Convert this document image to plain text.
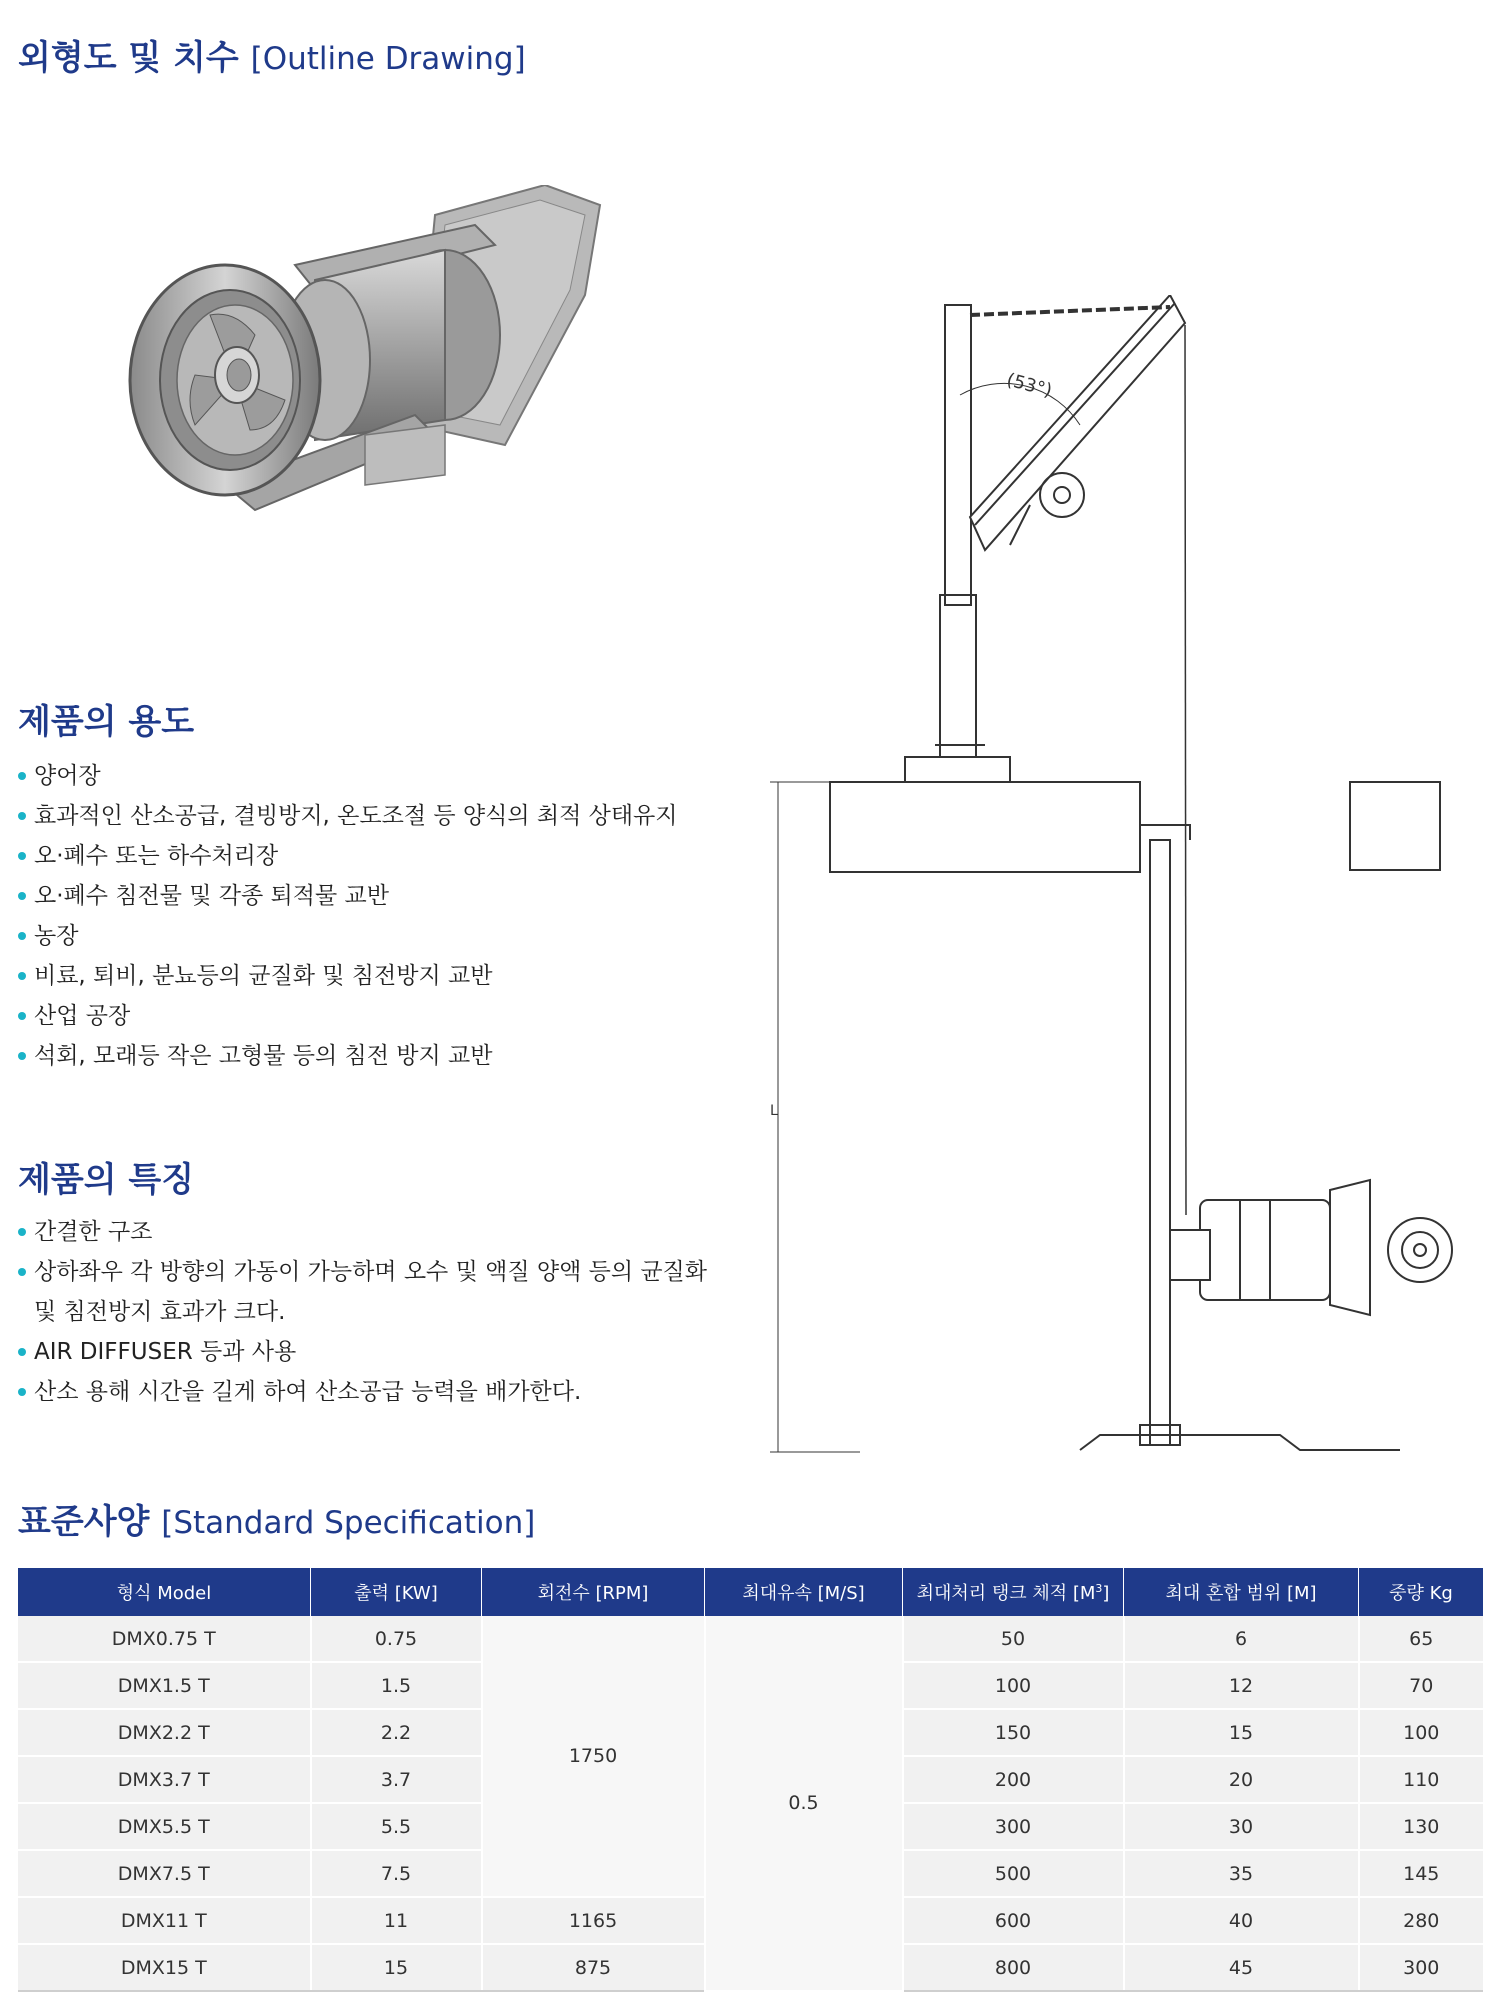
외형도 및 치수 [Outline Drawing]
(53°)
L
제품의 용도
양어장
효과적인 산소공급, 결빙방지, 온도조절 등 양식의 최적 상태유지
오·폐수 또는 하수처리장
오·폐수 침전물 및 각종 퇴적물 교반
농장
비료, 퇴비, 분뇨등의 균질화 및 침전방지 교반
산업 공장
석회, 모래등 작은 고형물 등의 침전 방지 교반
제품의 특징
간결한 구조
상하좌우 각 방향의 가동이 가능하며 오수 및 액질 양액 등의 균질화 및 침전방지 효과가 크다.
AIR DIFFUSER 등과 사용
산소 용해 시간을 길게 하여 산소공급 능력을 배가한다.
표준사양 [Standard Specification]
형식 Model	출력 [KW]	회전수 [RPM]	최대유속 [M/S]	최대처리 탱크 체적 $[M^3]$	최대 혼합 범위 [M]	중량 Kg
DMX0.75 T	0.75	1750	0.5	50	6	65
DMX1.5 T	1.5			100	12	70
DMX2.2 T	2.2			150	15	100
DMX3.7 T	3.7			200	20	110
DMX5.5 T	5.5			300	30	130
DMX7.5 T	7.5			500	35	145
DMX11 T	11	1165		600	40	280
DMX15 T	15	875		800	45	300
